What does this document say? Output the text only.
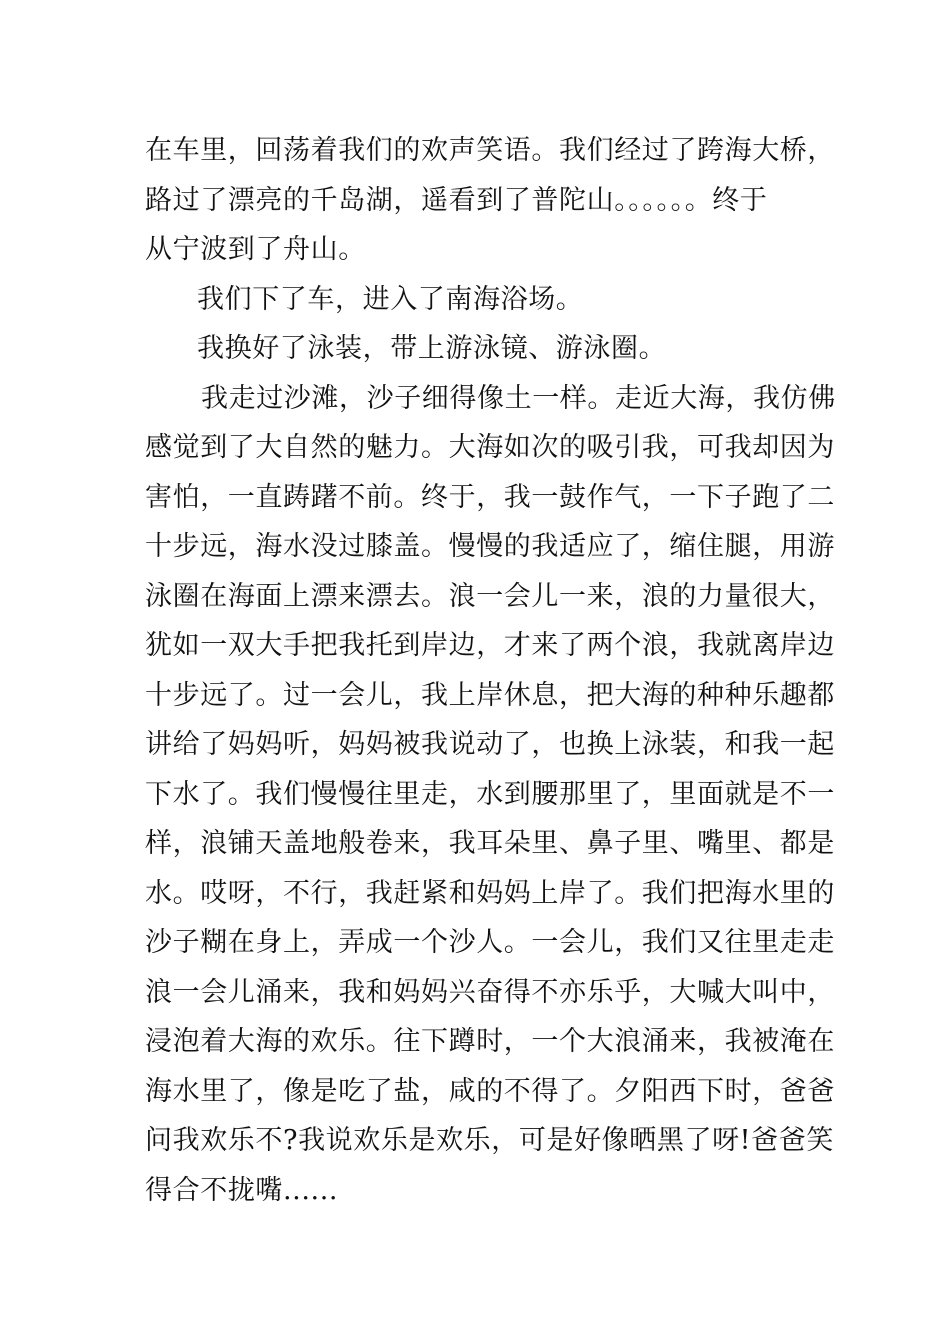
在车里，回荡着我们的欢声笑语。我们经过了跨海大桥，
路过了漂亮的千岛湖，遥看到了普陀山。。。。。。终于
从宁波到了舟山。
我们下了车，进入了南海浴场。
我换好了泳装，带上游泳镜、游泳圈。
我走过沙滩，沙子细得像土一样。走近大海，我仿佛
感觉到了大自然的魅力。大海如次的吸引我，可我却因为
害怕，一直踌躇不前。终于，我一鼓作气，一下子跑了二
十步远，海水没过膝盖。慢慢的我适应了，缩住腿，用游
泳圈在海面上漂来漂去。浪一会儿一来，浪的力量很大，
犹如一双大手把我托到岸边，才来了两个浪，我就离岸边
十步远了。过一会儿，我上岸休息，把大海的种种乐趣都
讲给了妈妈听，妈妈被我说动了，也换上泳装，和我一起
下水了。我们慢慢往里走，水到腰那里了，里面就是不一
样，浪铺天盖地般卷来，我耳朵里、鼻子里、嘴里、都是
水。哎呀，不行，我赶紧和妈妈上岸了。我们把海水里的
沙子糊在身上，弄成一个沙人。一会儿，我们又往里走走
浪一会儿涌来，我和妈妈兴奋得不亦乐乎，大喊大叫中，
浸泡着大海的欢乐。往下蹲时，一个大浪涌来，我被淹在
海水里了，像是吃了盐，咸的不得了。夕阳西下时，爸爸
问我欢乐不?我说欢乐是欢乐，可是好像晒黑了呀!爸爸笑
得合不拢嘴......
